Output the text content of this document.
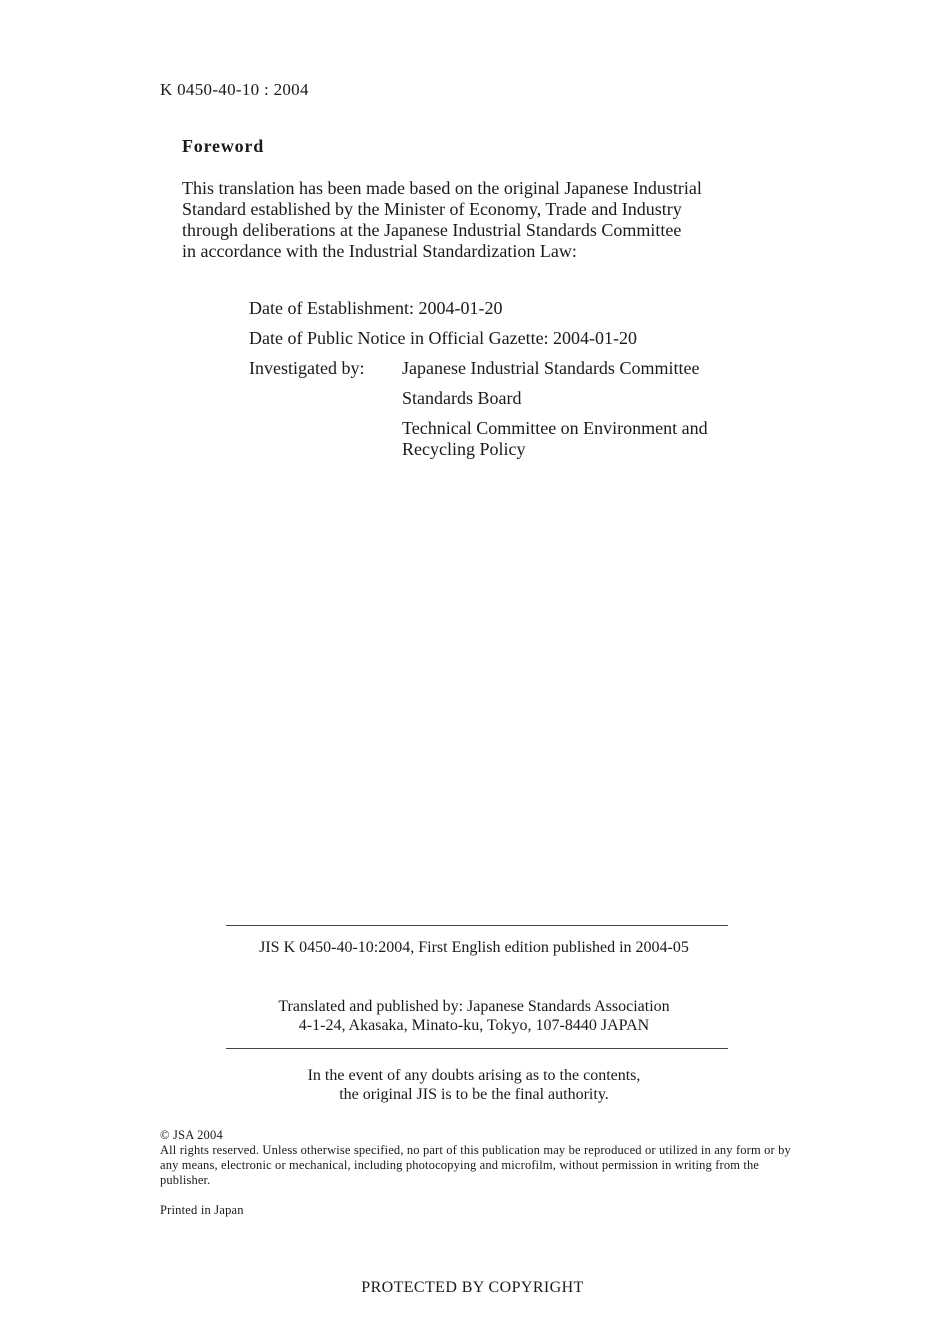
K 0450-40-10 : 2004
Foreword
This translation has been made based on the original Japanese Industrial
Standard established by the Minister of Economy, Trade and Industry
through deliberations at the Japanese Industrial Standards Committee
in accordance with the Industrial Standardization Law:
Date of Establishment: 2004-01-20
Date of Public Notice in Official Gazette: 2004-01-20
Investigated by: Japanese Industrial Standards Committee
Standards Board
Technical Committee on Environment and
Recycling Policy
JIS K 0450-40-10:2004, First English edition published in 2004-05
Translated and published by: Japanese Standards Association
4-1-24, Akasaka, Minato-ku, Tokyo, 107-8440 JAPAN
In the event of any doubts arising as to the contents,
the original JIS is to be the final authority.
© JSA 2004
All rights reserved. Unless otherwise specified, no part of this publication may be reproduced or utilized in any form or by any means, electronic or mechanical, including photocopying and microfilm, without permission in writing from the publisher.
Printed in Japan
PROTECTED BY COPYRIGHT
